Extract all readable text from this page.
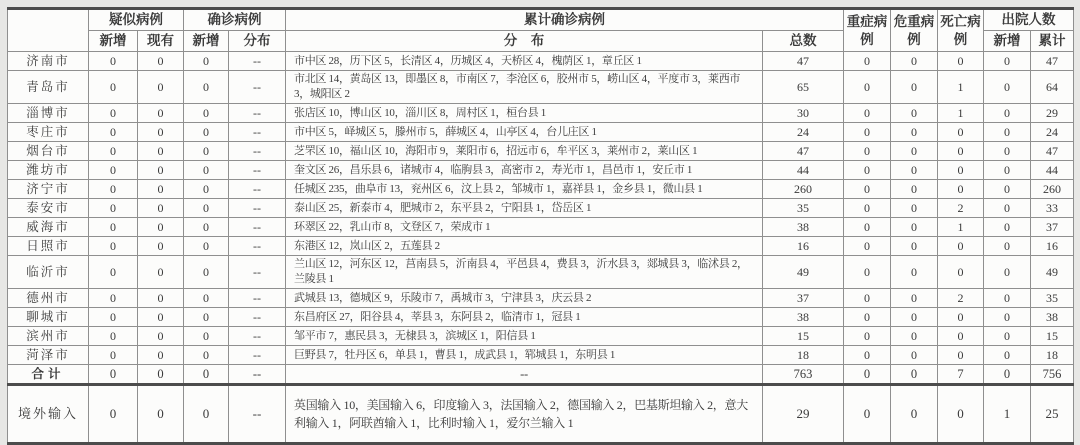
	疑似病例		确诊病例		累计确诊病例		重症病例	危重病例	死亡病例	出院人数	
	新增	现有	新增	分布	分　布	总数				新增	累计
济南市	0	0	0	--	市中区 28，历下区 5，长清区 4，历城区 4，天桥区 4，槐荫区 1，章丘区 1	47	0	0	0	0	47
青岛市	0	0	0	--	市北区 14，黄岛区 13，即墨区 8，市南区 7，李沧区 6，胶州市 5，崂山区 4，平度市 3，莱西市 3，城阳区 2	65	0	0	1	0	64
淄博市	0	0	0	--	张店区 10，博山区 10，淄川区 8，周村区 1，桓台县 1	30	0	0	1	0	29
枣庄市	0	0	0	--	市中区 5，峄城区 5，滕州市 5，薛城区 4，山亭区 4，台儿庄区 1	24	0	0	0	0	24
烟台市	0	0	0	--	芝罘区 10，福山区 10，海阳市 9，莱阳市 6，招远市 6，牟平区 3，莱州市 2，莱山区 1	47	0	0	0	0	47
潍坊市	0	0	0	--	奎文区 26，昌乐县 6，诸城市 4，临朐县 3，高密市 2，寿光市 1，昌邑市 1，安丘市 1	44	0	0	0	0	44
济宁市	0	0	0	--	任城区 235，曲阜市 13，兖州区 6，汶上县 2，邹城市 1，嘉祥县 1，金乡县 1，微山县 1	260	0	0	0	0	260
泰安市	0	0	0	--	泰山区 25，新泰市 4，肥城市 2，东平县 2，宁阳县 1，岱岳区 1	35	0	0	2	0	33
威海市	0	0	0	--	环翠区 22，乳山市 8，文登区 7，荣成市 1	38	0	0	1	0	37
日照市	0	0	0	--	东港区 12，岚山区 2，五莲县 2	16	0	0	0	0	16
临沂市	0	0	0	--	兰山区 12，河东区 12，莒南县 5，沂南县 4，平邑县 4，费县 3，沂水县 3，郯城县 3，临沭县 2，兰陵县 1	49	0	0	0	0	49
德州市	0	0	0	--	武城县 13，德城区 9，乐陵市 7，禹城市 3，宁津县 3，庆云县 2	37	0	0	2	0	35
聊城市	0	0	0	--	东昌府区 27，阳谷县 4，莘县 3，东阿县 2，临清市 1，冠县 1	38	0	0	0	0	38
滨州市	0	0	0	--	邹平市 7，惠民县 3，无棣县 3，滨城区 1，阳信县 1	15	0	0	0	0	15
菏泽市	0	0	0	--	巨野县 7，牡丹区 6，单县 1，曹县 1，成武县 1，郓城县 1，东明县 1	18	0	0	0	0	18
合计	0	0	0	--	--	763	0	0	7	0	756
境外输入	0	0	0	--	英国输入 10，美国输入 6，印度输入 3，法国输入 2，德国输入 2，巴基斯坦输入 2，意大利输入 1，阿联酋输入 1，比利时输入 1，爱尔兰输入 1	29	0	0	0	1	25
